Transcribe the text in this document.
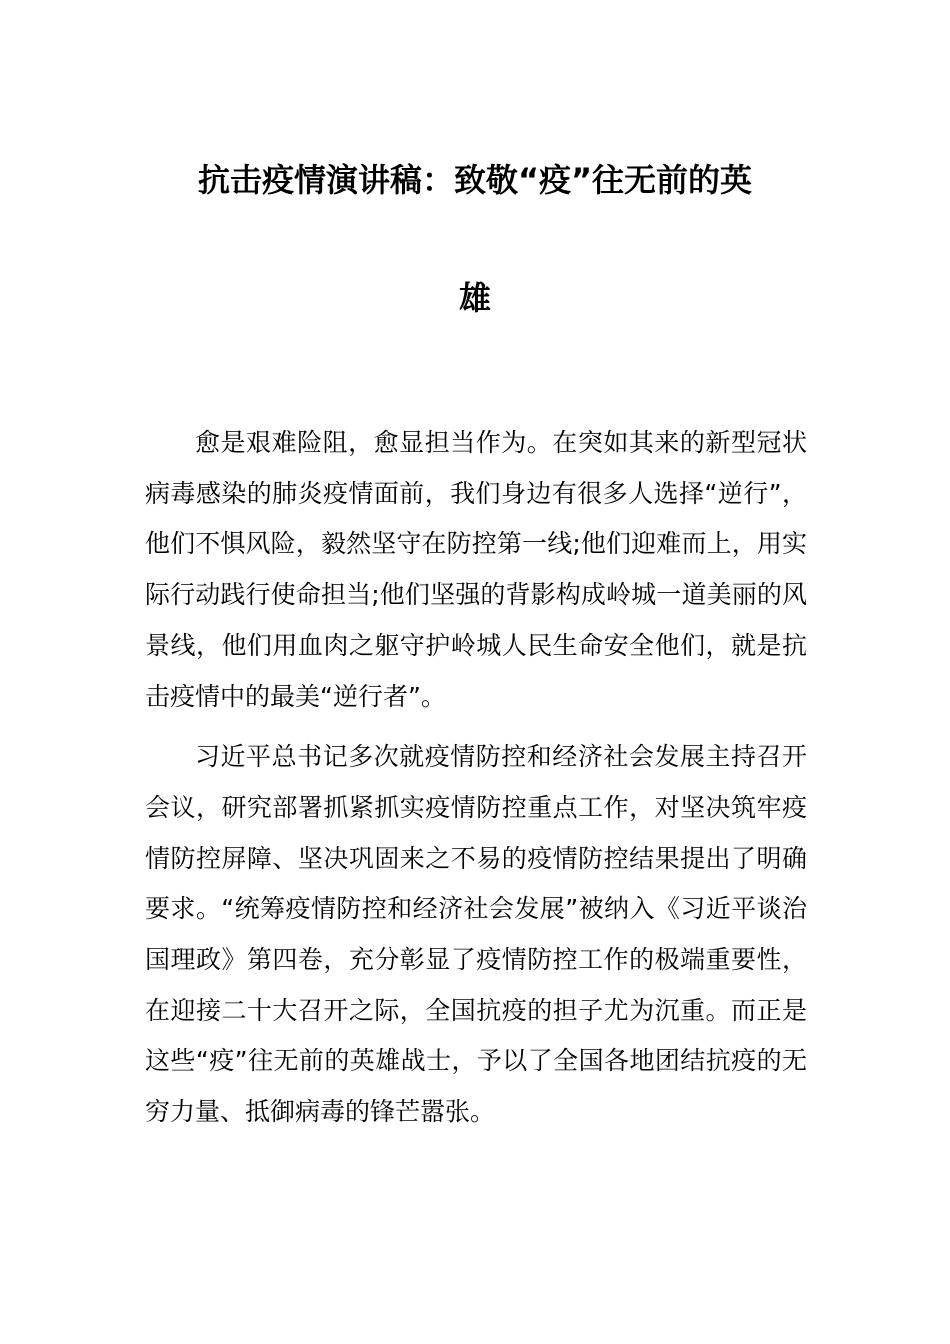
抗击疫情演讲稿：致敬“疫”往无前的英
雄

愈是艰难险阻，愈显担当作为。在突如其来的新型冠状病毒感染的肺炎疫情面前，我们身边有很多人选择“逆行”，他们不惧风险，毅然坚守在防控第一线;他们迎难而上，用实际行动践行使命担当;他们坚强的背影构成岭城一道美丽的风景线，他们用血肉之躯守护岭城人民生命安全他们，就是抗击疫情中的最美“逆行者”。

习近平总书记多次就疫情防控和经济社会发展主持召开会议，研究部署抓紧抓实疫情防控重点工作，对坚决筑牢疫情防控屏障、坚决巩固来之不易的疫情防控结果提出了明确要求。“统筹疫情防控和经济社会发展”被纳入《习近平谈治国理政》第四卷，充分彰显了疫情防控工作的极端重要性，在迎接二十大召开之际，全国抗疫的担子尤为沉重。而正是这些“疫”往无前的英雄战士，予以了全国各地团结抗疫的无穷力量、抵御病毒的锋芒嚣张。
